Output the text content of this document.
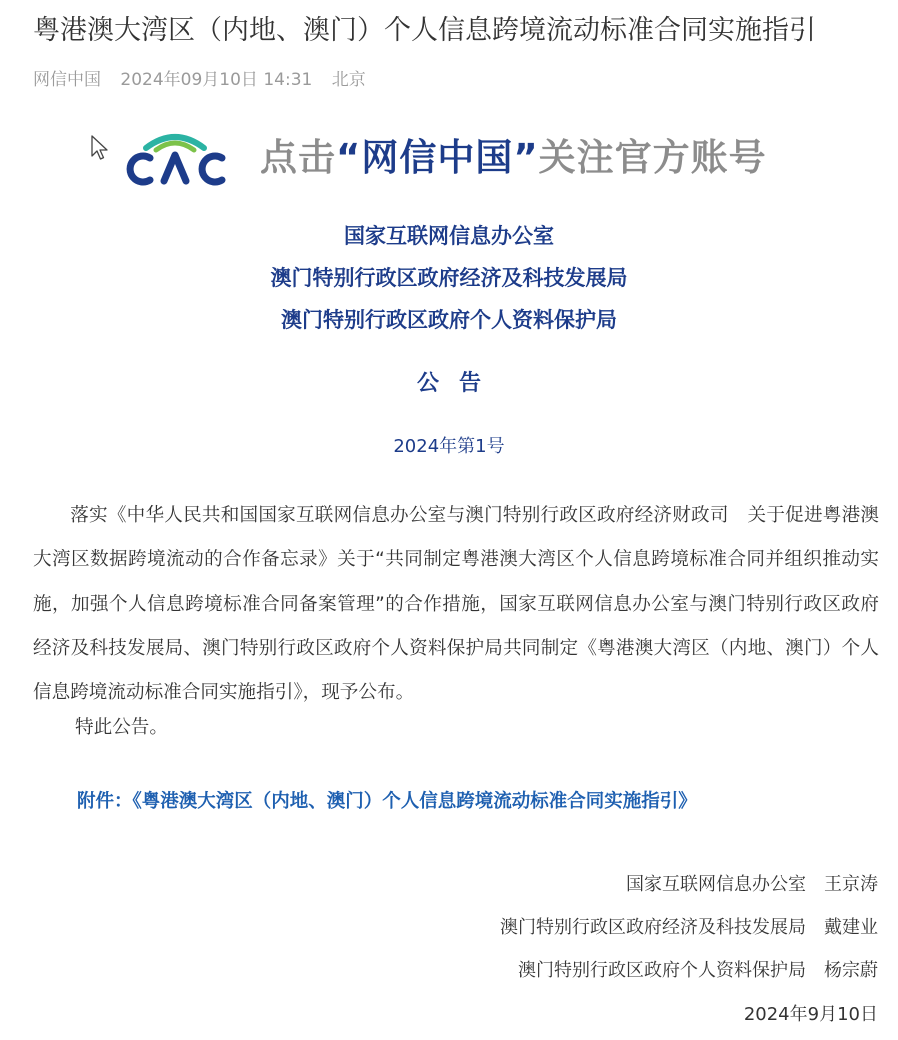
粤港澳大湾区（内地、澳门）个人信息跨境流动标准合同实施指引
网信中国 2024年09月10日 14:31 北京
点击“网信中国”关注官方账号
国家互联网信息办公室
澳门特别行政区政府经济及科技发展局
澳门特别行政区政府个人资料保护局
公告
2024年第1号
落实《中华人民共和国国家互联网信息办公室与澳门特别行政区政府经济财政司　关于促进粤港澳大湾区数据跨境流动的合作备忘录》关于“共同制定粤港澳大湾区个人信息跨境标准合同并组织推动实施，加强个人信息跨境标准合同备案管理”的合作措施，国家互联网信息办公室与澳门特别行政区政府经济及科技发展局、澳门特别行政区政府个人资料保护局共同制定《粤港澳大湾区（内地、澳门）个人信息跨境流动标准合同实施指引》，现予公布。
特此公告。
附件：《粤港澳大湾区（内地、澳门）个人信息跨境流动标准合同实施指引》
国家互联网信息办公室 王京涛
澳门特别行政区政府经济及科技发展局 戴建业
澳门特别行政区政府个人资料保护局 杨宗蔚
2024年9月10日
